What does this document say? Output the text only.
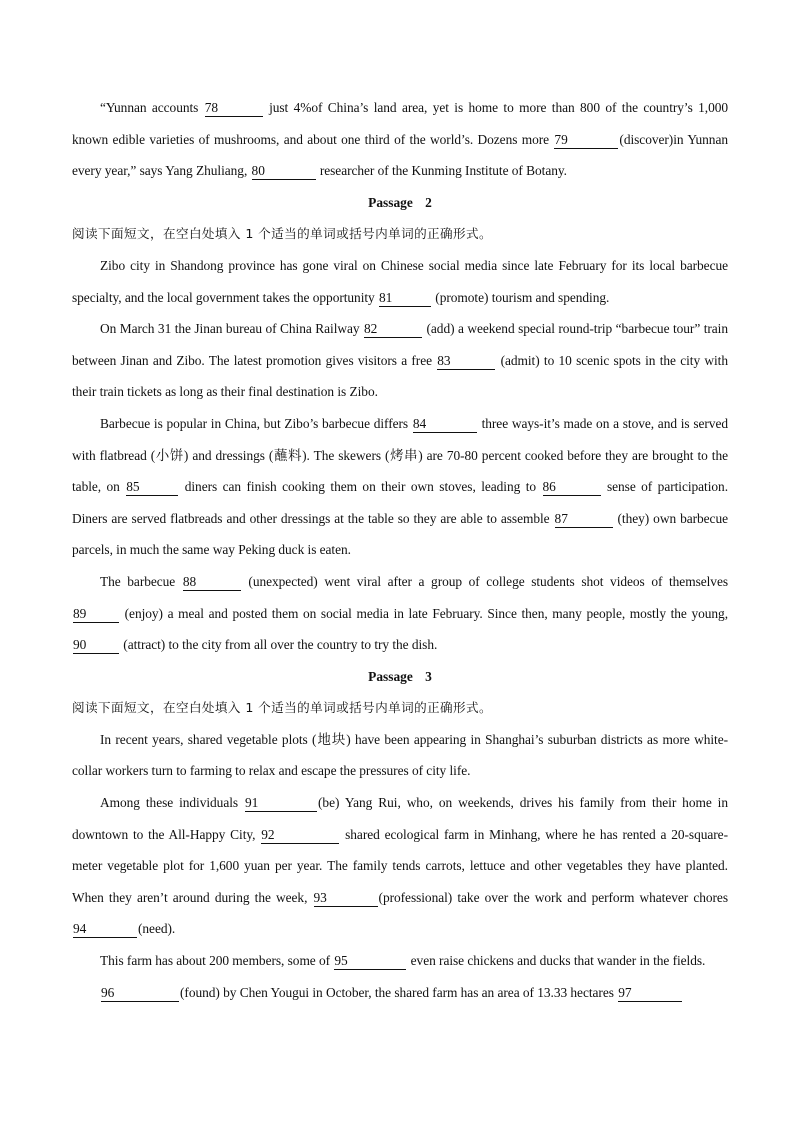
“Yunnan accounts 78	just 4%of China’s land area, yet is home to more than 800 of the country’s 1,000 known edible varieties of mushrooms, and about one third of the world’s. Dozens more 79	(discover)in Yunnan every year,” says Yang Zhuliang, 80	researcher of the Kunming Institute of Botany.

Passage 2

阅读下面短文，在空白处填入 1 个适当的单词或括号内单词的正确形式。

Zibo city in Shandong province has gone viral on Chinese social media since late February for its local barbecue specialty, and the local government takes the opportunity 81	(promote) tourism and spending.

On March 31 the Jinan bureau of China Railway 82	(add) a weekend special round-trip “barbecue tour” train between Jinan and Zibo. The latest promotion gives visitors a free 83	(admit) to 10 scenic spots in the city with their train tickets as long as their final destination is Zibo.

Barbecue is popular in China, but Zibo’s barbecue differs 84	three ways-it’s made on a stove, and is served with flatbread (小饼) and dressings (蘸料). The skewers (烤串) are 70-80 percent cooked before they are brought to the table, on 85	diners can finish cooking them on their own stoves, leading to 86	sense of participation. Diners are served flatbreads and other dressings at the table so they are able to assemble 87	(they) own barbecue parcels, in much the same way Peking duck is eaten.

The barbecue 88	(unexpected) went viral after a group of college students shot videos of themselves 89	(enjoy) a meal and posted them on social media in late February. Since then, many people, mostly the young, 90	(attract) to the city from all over the country to try the dish.

Passage 3

阅读下面短文，在空白处填入 1 个适当的单词或括号内单词的正确形式。

In recent years, shared vegetable plots (地块) have been appearing in Shanghai’s suburban districts as more white-collar workers turn to farming to relax and escape the pressures of city life.

Among these individuals 91	(be) Yang Rui, who, on weekends, drives his family from their home in downtown to the All-Happy City, 92	shared ecological farm in Minhang, where he has rented a 20-square-meter vegetable plot for 1,600 yuan per year. The family tends carrots, lettuce and other vegetables they have planted. When they aren’t around during the week, 93	(professional) take over the work and perform whatever chores 94	(need).

This farm has about 200 members, some of 95	even raise chickens and ducks that wander in the fields.

96	(found) by Chen Yougui in October, the shared farm has an area of 13.33 hectares 97
